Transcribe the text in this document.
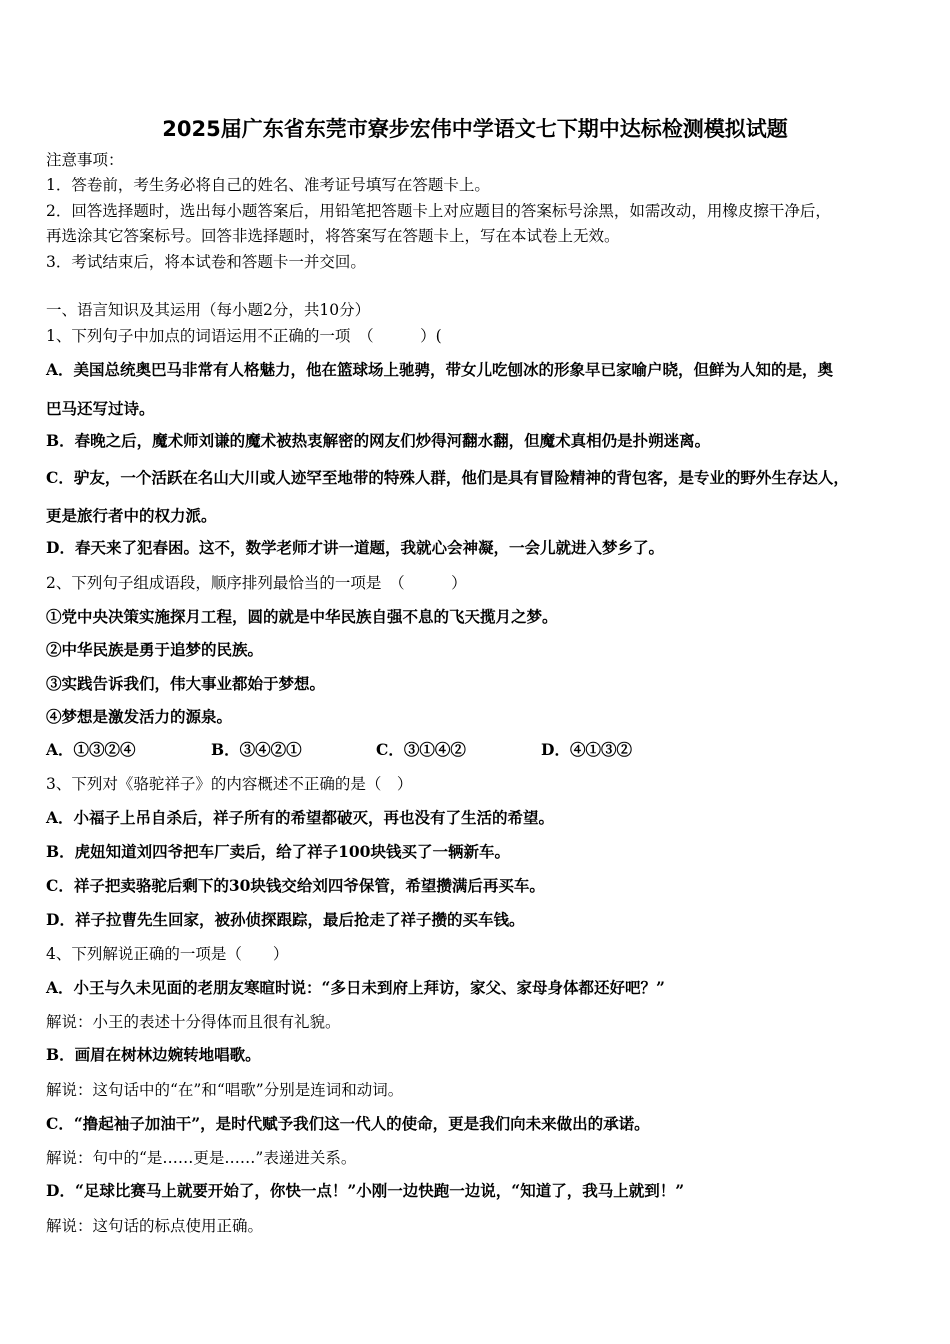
2025届广东省东莞市寮步宏伟中学语文七下期中达标检测模拟试题
注意事项：
1．答卷前，考生务必将自己的姓名、准考证号填写在答题卡上。
2．回答选择题时，选出每小题答案后，用铅笔把答题卡上对应题目的答案标号涂黑，如需改动，用橡皮擦干净后，
再选涂其它答案标号。回答非选择题时，将答案写在答题卡上，写在本试卷上无效。
3．考试结束后，将本试卷和答题卡一并交回。
一、语言知识及其运用（每小题2分，共10分）
1、下列句子中加点的词语运用不正确的一项　（　　　）(
A．美国总统奥巴马非常有人格魅力，他在篮球场上驰骋，带女儿吃刨冰的形象早已家喻户晓，但鲜为人知的是，奥
巴马还写过诗。
B．春晚之后，魔术师刘谦的魔术被热衷解密的网友们炒得河翻水翻，但魔术真相仍是扑朔迷离。
C．驴友，一个活跃在名山大川或人迹罕至地带的特殊人群，他们是具有冒险精神的背包客，是专业的野外生存达人，
更是旅行者中的权力派。
D．春天来了犯春困。这不，数学老师才讲一道题，我就心会神凝，一会儿就进入梦乡了。
2、下列句子组成语段，顺序排列最恰当的一项是　（　　　）
①党中央决策实施探月工程，圆的就是中华民族自强不息的飞天揽月之梦。
②中华民族是勇于追梦的民族。
③实践告诉我们，伟大事业都始于梦想。
④梦想是激发活力的源泉。
A．①③②④	B．③④②①	C．③①④②	D．④①③②
3、下列对《骆驼祥子》的内容概述不正确的是（　）
A．小福子上吊自杀后，祥子所有的希望都破灭，再也没有了生活的希望。
B．虎妞知道刘四爷把车厂卖后，给了祥子100块钱买了一辆新车。
C．祥子把卖骆驼后剩下的30块钱交给刘四爷保管，希望攒满后再买车。
D．祥子拉曹先生回家，被孙侦探跟踪，最后抢走了祥子攒的买车钱。
4、下列解说正确的一项是（　　）
A．小王与久未见面的老朋友寒暄时说：“多日未到府上拜访，家父、家母身体都还好吧？”
解说：小王的表述十分得体而且很有礼貌。
B．画眉在树林边婉转地唱歌。
解说：这句话中的“在”和“唱歌”分别是连词和动词。
C．“撸起袖子加油干”，是时代赋予我们这一代人的使命，更是我们向未来做出的承诺。
解说：句中的“是……更是……”表递进关系。
D．“足球比赛马上就要开始了，你快一点！”小刚一边快跑一边说，“知道了，我马上就到！”
解说：这句话的标点使用正确。
